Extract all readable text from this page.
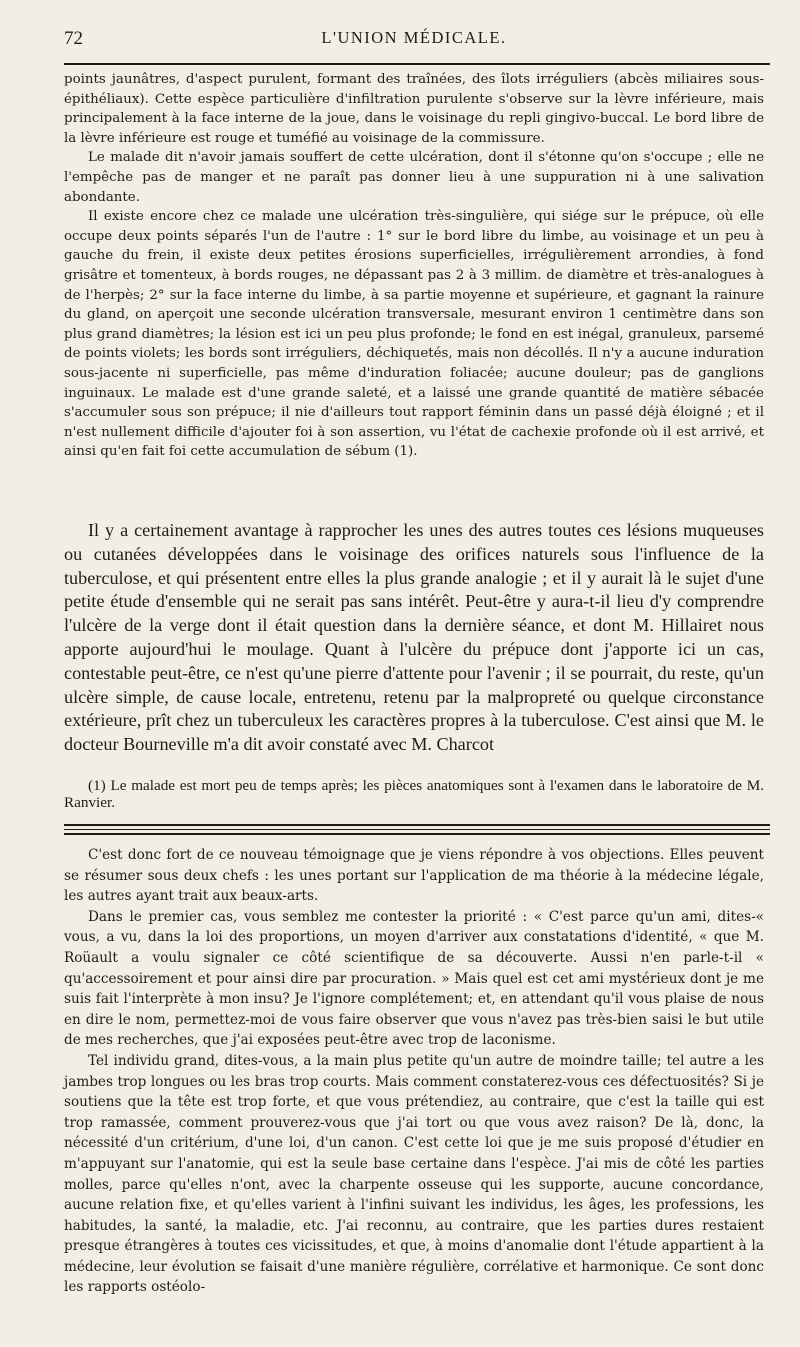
72	L'UNION MÉDICALE.

points jaunâtres, d'aspect purulent, formant des traînées, des îlots irréguliers (abcès miliaires sous-épithéliaux). Cette espèce particulière d'infiltration purulente s'observe sur la lèvre inférieure, mais principalement à la face interne de la joue, dans le voisinage du repli gingivo-buccal. Le bord libre de la lèvre inférieure est rouge et tuméfié au voisinage de la commissure.

Le malade dit n'avoir jamais souffert de cette ulcération, dont il s'étonne qu'on s'occupe ; elle ne l'empêche pas de manger et ne paraît pas donner lieu à une suppuration ni à une salivation abondante.

Il existe encore chez ce malade une ulcération très-singulière, qui siége sur le prépuce, où elle occupe deux points séparés l'un de l'autre : 1° sur le bord libre du limbe, au voisinage et un peu à gauche du frein, il existe deux petites érosions superficielles, irrégulièrement arrondies, à fond grisâtre et tomenteux, à bords rouges, ne dépassant pas 2 à 3 millim. de diamètre et très-analogues à de l'herpès; 2° sur la face interne du limbe, à sa partie moyenne et supérieure, et gagnant la rainure du gland, on aperçoit une seconde ulcération transversale, mesurant environ 1 centimètre dans son plus grand diamètres; la lésion est ici un peu plus profonde; le fond en est inégal, granuleux, parsemé de points violets; les bords sont irréguliers, déchiquetés, mais non décollés. Il n'y a aucune induration sous-jacente ni superficielle, pas même d'induration foliacée; aucune douleur; pas de ganglions inguinaux. Le malade est d'une grande saleté, et a laissé une grande quantité de matière sébacée s'accumuler sous son prépuce; il nie d'ailleurs tout rapport féminin dans un passé déjà éloigné ; et il n'est nullement difficile d'ajouter foi à son assertion, vu l'état de cachexie profonde où il est arrivé, et ainsi qu'en fait foi cette accumulation de sébum (1).

Il y a certainement avantage à rapprocher les unes des autres toutes ces lésions muqueuses ou cutanées développées dans le voisinage des orifices naturels sous l'influence de la tuberculose, et qui présentent entre elles la plus grande analogie ; et il y aurait là le sujet d'une petite étude d'ensemble qui ne serait pas sans intérêt. Peut-être y aura-t-il lieu d'y comprendre l'ulcère de la verge dont il était question dans la dernière séance, et dont M. Hillairet nous apporte aujourd'hui le moulage. Quant à l'ulcère du prépuce dont j'apporte ici un cas, contestable peut-être, ce n'est qu'une pierre d'attente pour l'avenir ; il se pourrait, du reste, qu'un ulcère simple, de cause locale, entretenu, retenu par la malpropreté ou quelque circonstance extérieure, prît chez un tuberculeux les caractères propres à la tuberculose. C'est ainsi que M. le docteur Bourneville m'a dit avoir constaté avec M. Charcot

(1) Le malade est mort peu de temps après; les pièces anatomiques sont à l'examen dans le laboratoire de M. Ranvier.

C'est donc fort de ce nouveau témoignage que je viens répondre à vos objections. Elles peuvent se résumer sous deux chefs : les unes portant sur l'application de ma théorie à la médecine légale, les autres ayant trait aux beaux-arts.

Dans le premier cas, vous semblez me contester la priorité : « C'est parce qu'un ami, dites-« vous, a vu, dans la loi des proportions, un moyen d'arriver aux constatations d'identité, « que M. Roüault a voulu signaler ce côté scientifique de sa découverte. Aussi n'en parle-t-il « qu'accessoirement et pour ainsi dire par procuration. » Mais quel est cet ami mystérieux dont je me suis fait l'interprète à mon insu? Je l'ignore complétement; et, en attendant qu'il vous plaise de nous en dire le nom, permettez-moi de vous faire observer que vous n'avez pas très-bien saisi le but utile de mes recherches, que j'ai exposées peut-être avec trop de laconisme.

Tel individu grand, dites-vous, a la main plus petite qu'un autre de moindre taille; tel autre a les jambes trop longues ou les bras trop courts. Mais comment constaterez-vous ces défectuosités? Si je soutiens que la tête est trop forte, et que vous prétendiez, au contraire, que c'est la taille qui est trop ramassée, comment prouverez-vous que j'ai tort ou que vous avez raison? De là, donc, la nécessité d'un critérium, d'une loi, d'un canon. C'est cette loi que je me suis proposé d'étudier en m'appuyant sur l'anatomie, qui est la seule base certaine dans l'espèce. J'ai mis de côté les parties molles, parce qu'elles n'ont, avec la charpente osseuse qui les supporte, aucune concordance, aucune relation fixe, et qu'elles varient à l'infini suivant les individus, les âges, les professions, les habitudes, la santé, la maladie, etc. J'ai reconnu, au contraire, que les parties dures restaient presque étrangères à toutes ces vicissitudes, et que, à moins d'anomalie dont l'étude appartient à la médecine, leur évolution se faisait d'une manière régulière, corrélative et harmonique. Ce sont donc les rapports ostéolo-
